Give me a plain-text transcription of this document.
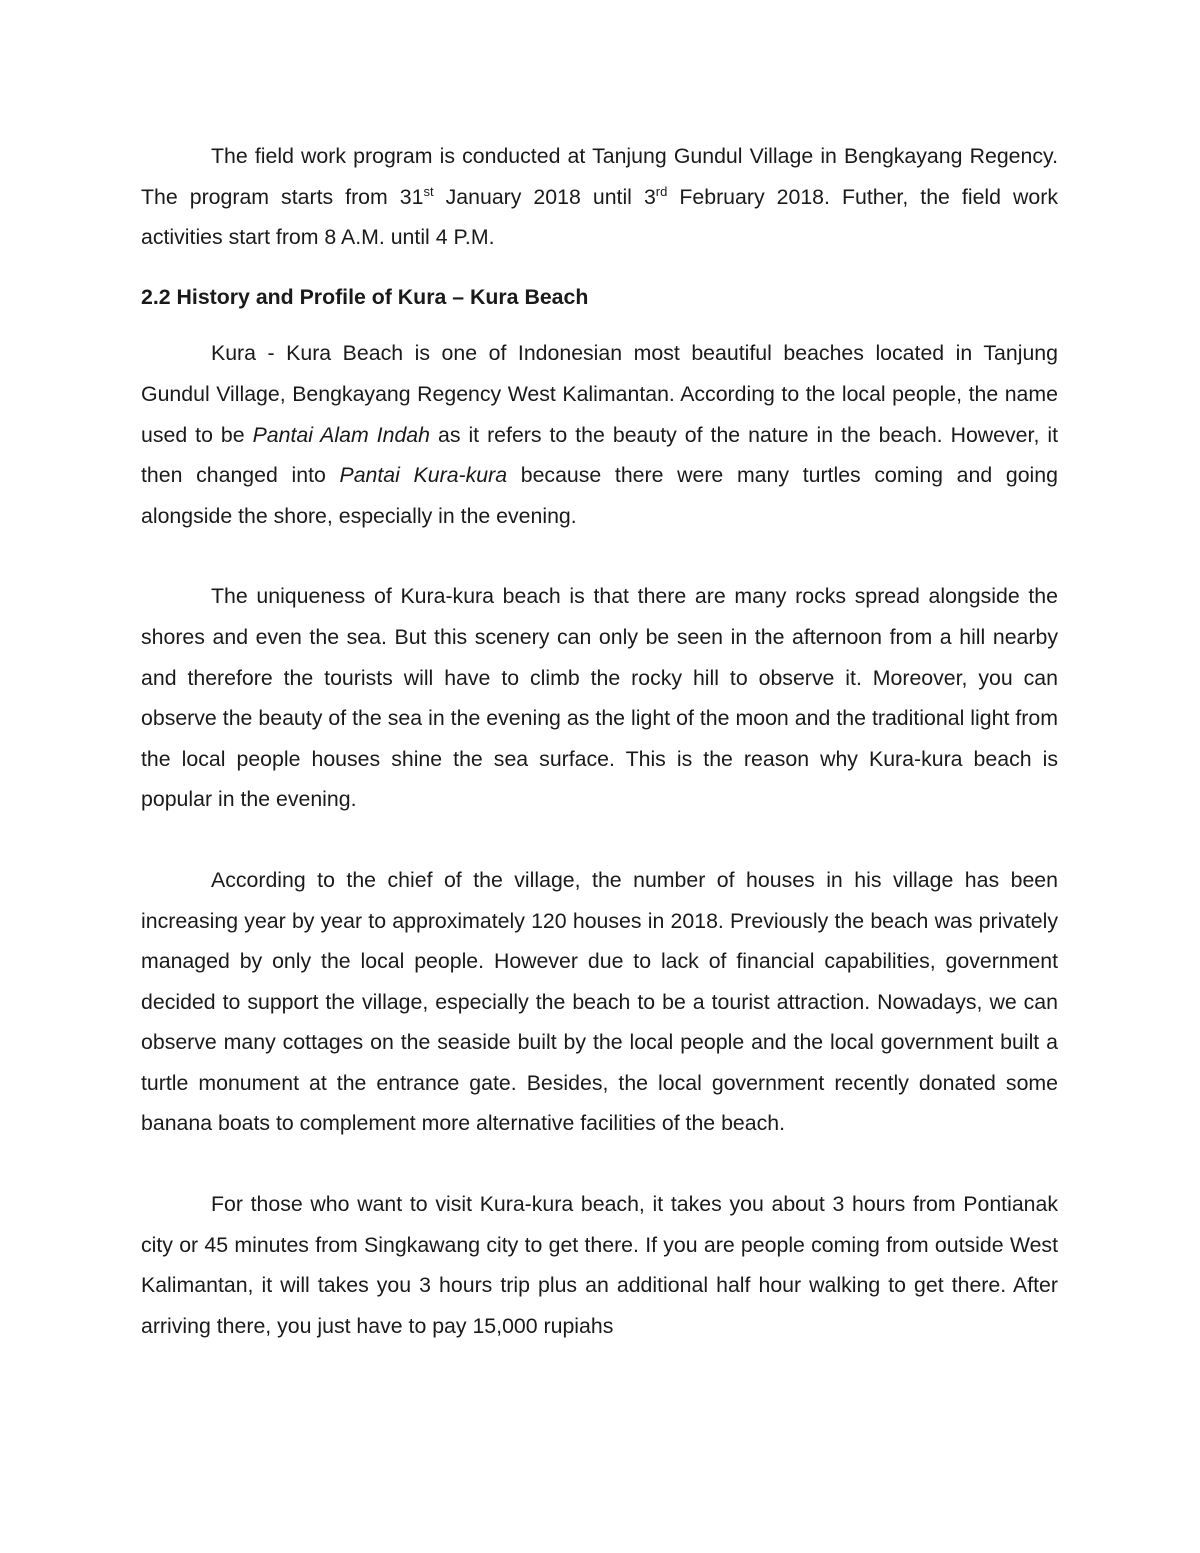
The field work program is conducted at Tanjung Gundul Village in Bengkayang Regency. The program starts from 31st January 2018 until 3rd February 2018. Futher, the field work activities start from 8 A.M. until 4 P.M.

2.2 History and Profile of Kura – Kura Beach

Kura - Kura Beach is one of Indonesian most beautiful beaches located in Tanjung Gundul Village, Bengkayang Regency West Kalimantan. According to the local people, the name used to be Pantai Alam Indah as it refers to the beauty of the nature in the beach. However, it then changed into Pantai Kura-kura because there were many turtles coming and going alongside the shore, especially in the evening.

The uniqueness of Kura-kura beach is that there are many rocks spread alongside the shores and even the sea. But this scenery can only be seen in the afternoon from a hill nearby and therefore the tourists will have to climb the rocky hill to observe it. Moreover, you can observe the beauty of the sea in the evening as the light of the moon and the traditional light from the local people houses shine the sea surface. This is the reason why Kura-kura beach is popular in the evening.

According to the chief of the village, the number of houses in his village has been increasing year by year to approximately 120 houses in 2018. Previously the beach was privately managed by only the local people. However due to lack of financial capabilities, government decided to support the village, especially the beach to be a tourist attraction. Nowadays, we can observe many cottages on the seaside built by the local people and the local government built a turtle monument at the entrance gate. Besides, the local government recently donated some banana boats to complement more alternative facilities of the beach.

For those who want to visit Kura-kura beach, it takes you about 3 hours from Pontianak city or 45 minutes from Singkawang city to get there. If you are people coming from outside West Kalimantan, it will takes you 3 hours trip plus an additional half hour walking to get there. After arriving there, you just have to pay 15,000 rupiahs
